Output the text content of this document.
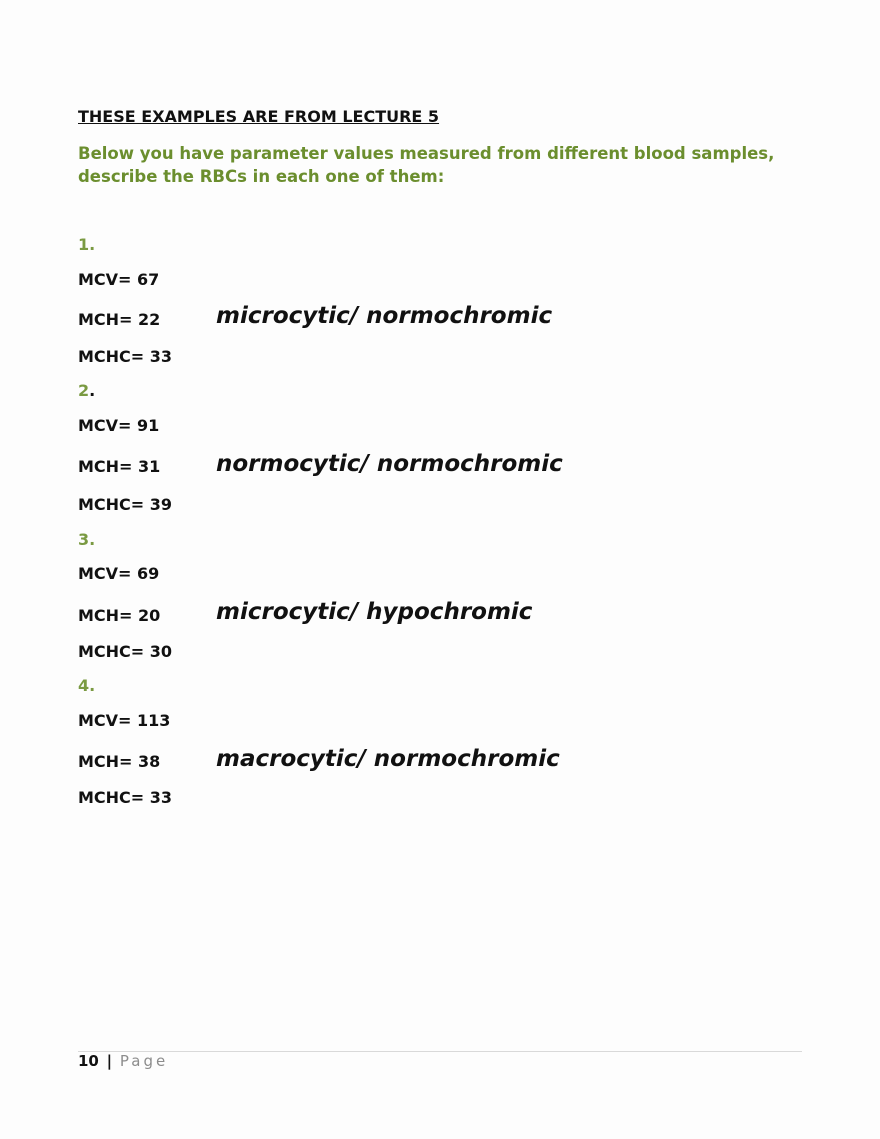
THESE EXAMPLES ARE FROM LECTURE 5
Below you have parameter values measured from different blood samples, describe the RBCs in each one of them:
1.
MCV= 67
MCH= 22 microcytic/ normochromic
MCHC= 33
2.
MCV= 91
MCH= 31 normocytic/ normochromic
MCHC= 39
3.
MCV= 69
MCH= 20 microcytic/ hypochromic
MCHC= 30
4.
MCV= 113
MCH= 38 macrocytic/ normochromic
MCHC= 33
10 | Page
